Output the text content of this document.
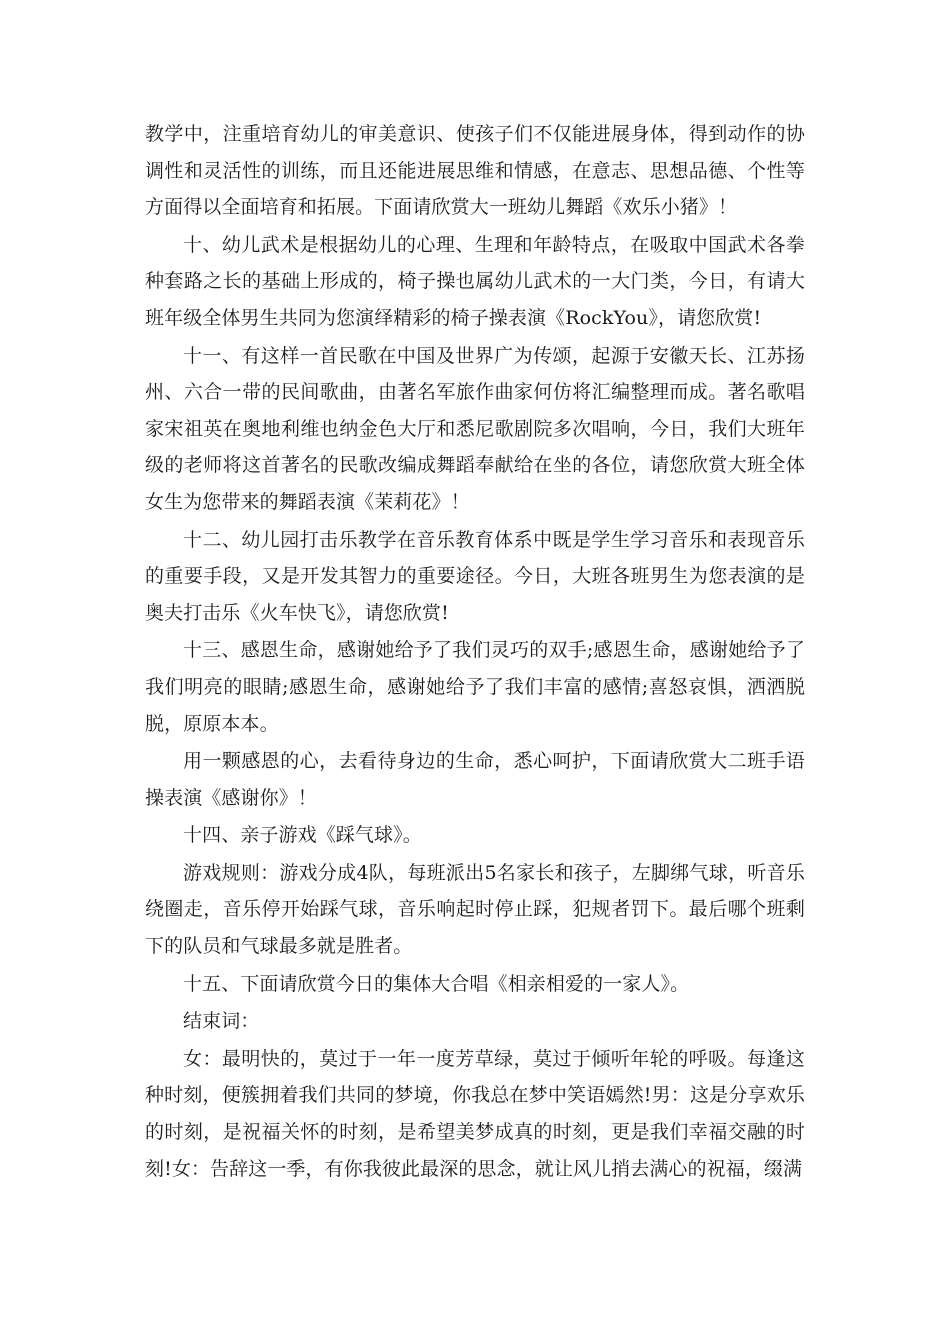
教学中，注重培育幼儿的审美意识、使孩子们不仅能进展身体，得到动作的协调性和灵活性的训练，而且还能进展思维和情感，在意志、思想品德、个性等方面得以全面培育和拓展。下面请欣赏大一班幼儿舞蹈《欢乐小猪》！

十、幼儿武术是根据幼儿的心理、生理和年龄特点，在吸取中国武术各拳种套路之长的基础上形成的，椅子操也属幼儿武术的一大门类，今日，有请大班年级全体男生共同为您演绎精彩的椅子操表演《RockYou》，请您欣赏!

十一、有这样一首民歌在中国及世界广为传颂，起源于安徽天长、江苏扬州、六合一带的民间歌曲，由著名军旅作曲家何仿将汇编整理而成。著名歌唱家宋祖英在奥地利维也纳金色大厅和悉尼歌剧院多次唱响，今日，我们大班年级的老师将这首著名的民歌改编成舞蹈奉献给在坐的各位，请您欣赏大班全体女生为您带来的舞蹈表演《茉莉花》！

十二、幼儿园打击乐教学在音乐教育体系中既是学生学习音乐和表现音乐的重要手段，又是开发其智力的重要途径。今日，大班各班男生为您表演的是奥夫打击乐《火车快飞》，请您欣赏!

十三、感恩生命，感谢她给予了我们灵巧的双手;感恩生命，感谢她给予了我们明亮的眼睛;感恩生命，感谢她给予了我们丰富的感情;喜怒哀惧，洒洒脱脱，原原本本。

用一颗感恩的心，去看待身边的生命，悉心呵护，下面请欣赏大二班手语操表演《感谢你》！

十四、亲子游戏《踩气球》。

游戏规则：游戏分成4队，每班派出5名家长和孩子，左脚绑气球，听音乐绕圈走，音乐停开始踩气球，音乐响起时停止踩，犯规者罚下。最后哪个班剩下的队员和气球最多就是胜者。

十五、下面请欣赏今日的集体大合唱《相亲相爱的一家人》。

结束词：

女：最明快的，莫过于一年一度芳草绿，莫过于倾听年轮的呼吸。每逢这种时刻，便簇拥着我们共同的梦境，你我总在梦中笑语嫣然!男：这是分享欢乐的时刻，是祝福关怀的时刻，是希望美梦成真的时刻，更是我们幸福交融的时刻!女：告辞这一季，有你我彼此最深的思念，就让风儿捎去满心的祝福，缀满
